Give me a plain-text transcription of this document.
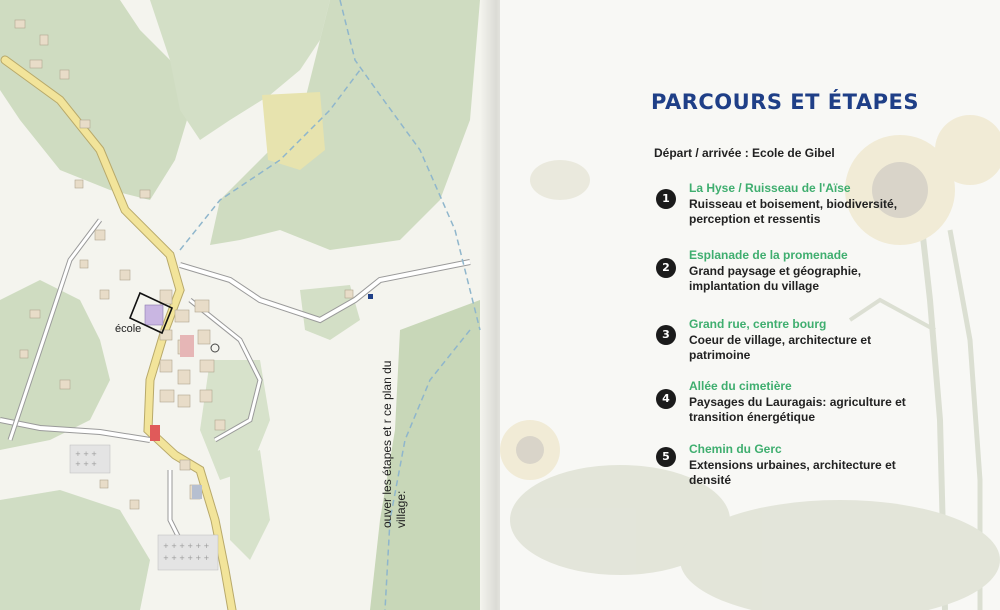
+ + +
+ + +
+ + + + + +
+ + + + + +
école
ouver les étapes et r ce plan du village:
PARCOURS ET ÉTAPES
Départ / arrivée : Ecole de Gibel
1
La Hyse / Ruisseau de l'Aïse
Ruisseau et boisement, biodiversité, perception et ressentis
2
Esplanade de la promenade
Grand paysage et géographie, implantation du village
3
Grand rue, centre bourg
Coeur de village, architecture et patrimoine
4
Allée du cimetière
Paysages du Lauragais: agriculture et transition énergétique
5
Chemin du Gerc
Extensions urbaines, architecture et densité
